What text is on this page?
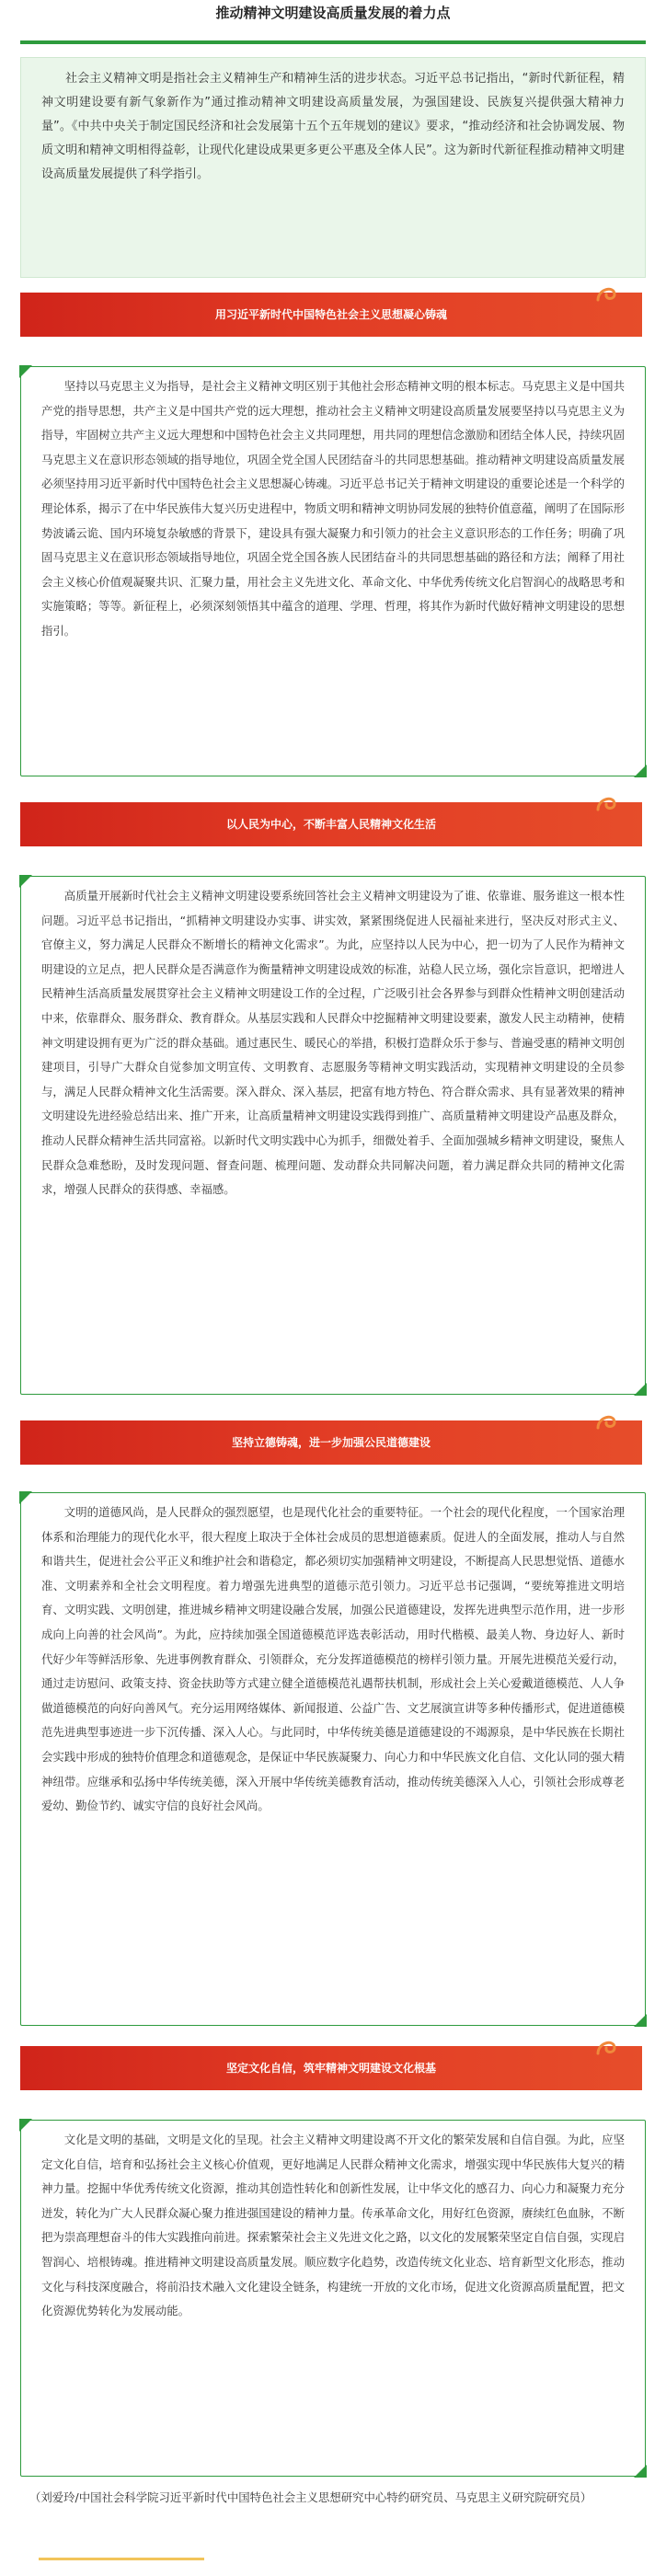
推动精神文明建设高质量发展的着力点

社会主义精神文明是指社会主义精神生产和精神生活的进步状态。习近平总书记指出，“新时代新征程，精神文明建设要有新气象新作为”通过推动精神文明建设高质量发展，为强国建设、民族复兴提供强大精神力量”。《中共中央关于制定国民经济和社会发展第十五个五年规划的建议》要求，“推动经济和社会协调发展、物质文明和精神文明相得益彰，让现代化建设成果更多更公平惠及全体人民”。这为新时代新征程推动精神文明建设高质量发展提供了科学指引。

用习近平新时代中国特色社会主义思想凝心铸魂

坚持以马克思主义为指导，是社会主义精神文明区别于其他社会形态精神文明的根本标志。马克思主义是中国共产党的指导思想，共产主义是中国共产党的远大理想，推动社会主义精神文明建设高质量发展要坚持以马克思主义为指导，牢固树立共产主义远大理想和中国特色社会主义共同理想，用共同的理想信念激励和团结全体人民，持续巩固马克思主义在意识形态领域的指导地位，巩固全党全国人民团结奋斗的共同思想基础。推动精神文明建设高质量发展必须坚持用习近平新时代中国特色社会主义思想凝心铸魂。习近平总书记关于精神文明建设的重要论述是一个科学的理论体系，揭示了在中华民族伟大复兴历史进程中，物质文明和精神文明协同发展的独特价值意蕴，阐明了在国际形势波谲云诡、国内环境复杂敏感的背景下，建设具有强大凝聚力和引领力的社会主义意识形态的工作任务；明确了巩固马克思主义在意识形态领域指导地位，巩固全党全国各族人民团结奋斗的共同思想基础的路径和方法；阐释了用社会主义核心价值观凝聚共识、汇聚力量，用社会主义先进文化、革命文化、中华优秀传统文化启智润心的战略思考和实施策略；等等。新征程上，必须深刻领悟其中蕴含的道理、学理、哲理，将其作为新时代做好精神文明建设的思想指引。

以人民为中心，不断丰富人民精神文化生活

高质量开展新时代社会主义精神文明建设要系统回答社会主义精神文明建设为了谁、依靠谁、服务谁这一根本性问题。习近平总书记指出，“抓精神文明建设办实事、讲实效，紧紧围绕促进人民福祉来进行，坚决反对形式主义、官僚主义，努力满足人民群众不断增长的精神文化需求”。为此，应坚持以人民为中心，把一切为了人民作为精神文明建设的立足点，把人民群众是否满意作为衡量精神文明建设成效的标准，站稳人民立场，强化宗旨意识，把增进人民精神生活高质量发展贯穿社会主义精神文明建设工作的全过程，广泛吸引社会各界参与到群众性精神文明创建活动中来，依靠群众、服务群众、教育群众。从基层实践和人民群众中挖掘精神文明建设要素，激发人民主动精神，使精神文明建设拥有更为广泛的群众基础。通过惠民生、暖民心的举措，积极打造群众乐于参与、普遍受惠的精神文明创建项目，引导广大群众自觉参加文明宣传、文明教育、志愿服务等精神文明实践活动，实现精神文明建设的全员参与，满足人民群众精神文化生活需要。深入群众、深入基层，把富有地方特色、符合群众需求、具有显著效果的精神文明建设先进经验总结出来、推广开来，让高质量精神文明建设实践得到推广、高质量精神文明建设产品惠及群众，推动人民群众精神生活共同富裕。以新时代文明实践中心为抓手，细微处着手、全面加强城乡精神文明建设，聚焦人民群众急难愁盼，及时发现问题、督查问题、梳理问题、发动群众共同解决问题，着力满足群众共同的精神文化需求，增强人民群众的获得感、幸福感。

坚持立德铸魂，进一步加强公民道德建设

文明的道德风尚，是人民群众的强烈愿望，也是现代化社会的重要特征。一个社会的现代化程度，一个国家治理体系和治理能力的现代化水平，很大程度上取决于全体社会成员的思想道德素质。促进人的全面发展，推动人与自然和谐共生，促进社会公平正义和维护社会和谐稳定，都必须切实加强精神文明建设，不断提高人民思想觉悟、道德水准、文明素养和全社会文明程度。着力增强先进典型的道德示范引领力。习近平总书记强调，“要统筹推进文明培育、文明实践、文明创建，推进城乡精神文明建设融合发展，加强公民道德建设，发挥先进典型示范作用，进一步形成向上向善的社会风尚”。为此，应持续加强全国道德模范评选表彰活动，用时代楷模、最美人物、身边好人、新时代好少年等鲜活形象、先进事例教育群众、引领群众，充分发挥道德模范的榜样引领力量。开展先进模范关爱行动，通过走访慰问、政策支持、资金扶助等方式建立健全道德模范礼遇帮扶机制，形成社会上关心爱戴道德模范、人人争做道德模范的向好向善风气。充分运用网络媒体、新闻报道、公益广告、文艺展演宣讲等多种传播形式，促进道德模范先进典型事迹进一步下沉传播、深入人心。与此同时，中华传统美德是道德建设的不竭源泉，是中华民族在长期社会实践中形成的独特价值理念和道德观念，是保证中华民族凝聚力、向心力和中华民族文化自信、文化认同的强大精神纽带。应继承和弘扬中华传统美德，深入开展中华传统美德教育活动，推动传统美德深入人心，引领社会形成尊老爱幼、勤俭节约、诚实守信的良好社会风尚。

坚定文化自信，筑牢精神文明建设文化根基

文化是文明的基础，文明是文化的呈现。社会主义精神文明建设离不开文化的繁荣发展和自信自强。为此，应坚定文化自信，培育和弘扬社会主义核心价值观，更好地满足人民群众精神文化需求，增强实现中华民族伟大复兴的精神力量。挖掘中华优秀传统文化资源，推动其创造性转化和创新性发展，让中华文化的感召力、向心力和凝聚力充分迸发，转化为广大人民群众凝心聚力推进强国建设的精神力量。传承革命文化，用好红色资源，赓续红色血脉，不断把为崇高理想奋斗的伟大实践推向前进。探索繁荣社会主义先进文化之路，以文化的发展繁荣坚定自信自强，实现启智润心、培根铸魂。推进精神文明建设高质量发展。顺应数字化趋势，改造传统文化业态、培育新型文化形态，推动文化与科技深度融合，将前沿技术融入文化建设全链条，构建统一开放的文化市场，促进文化资源高质量配置，把文化资源优势转化为发展动能。

（刘爱玲/中国社会科学院习近平新时代中国特色社会主义思想研究中心特约研究员、马克思主义研究院研究员）
